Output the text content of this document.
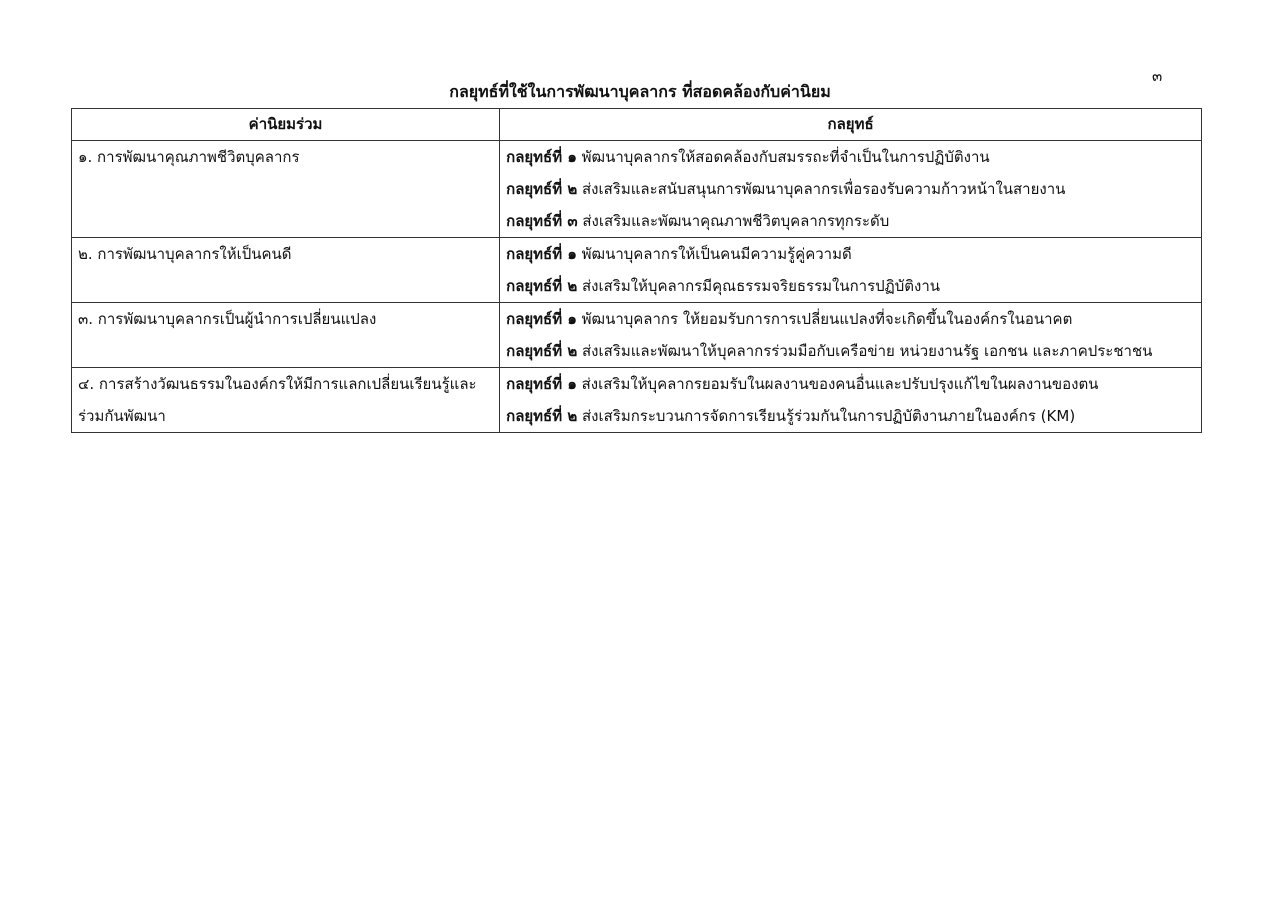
๓
กลยุทธ์ที่ใช้ในการพัฒนาบุคลากร ที่สอดคล้องกับค่านิยม
ค่านิยมร่วม	กลยุทธ์
๑. การพัฒนาคุณภาพชีวิตบุคลากร	กลยุทธ์ที่ ๑ พัฒนาบุคลากรให้สอดคล้องกับสมรรถะที่จำเป็นในการปฏิบัติงาน
กลยุทธ์ที่ ๒ ส่งเสริมและสนับสนุนการพัฒนาบุคลากรเพื่อรองรับความก้าวหน้าในสายงาน
กลยุทธ์ที่ ๓ ส่งเสริมและพัฒนาคุณภาพชีวิตบุคลากรทุกระดับ

๒. การพัฒนาบุคลากรให้เป็นคนดี	กลยุทธ์ที่ ๑ พัฒนาบุคลากรให้เป็นคนมีความรู้คู่ความดี
กลยุทธ์ที่ ๒ ส่งเสริมให้บุคลากรมีคุณธรรมจริยธรรมในการปฏิบัติงาน

๓. การพัฒนาบุคลากรเป็นผู้นำการเปลี่ยนแปลง	กลยุทธ์ที่ ๑ พัฒนาบุคลากร ให้ยอมรับการการเปลี่ยนแปลงที่จะเกิดขึ้นในองค์กรในอนาคต
กลยุทธ์ที่ ๒ ส่งเสริมและพัฒนาให้บุคลากรร่วมมือกับเครือข่าย หน่วยงานรัฐ เอกชน และภาคประชาชน

๔. การสร้างวัฒนธรรมในองค์กรให้มีการแลกเปลี่ยนเรียนรู้และ
ร่วมกันพัฒนา	กลยุทธ์ที่ ๑ ส่งเสริมให้บุคลากรยอมรับในผลงานของคนอื่นและปรับปรุงแก้ไขในผลงานของตน
กลยุทธ์ที่ ๒ ส่งเสริมกระบวนการจัดการเรียนรู้ร่วมกันในการปฏิบัติงานภายในองค์กร (KM)
